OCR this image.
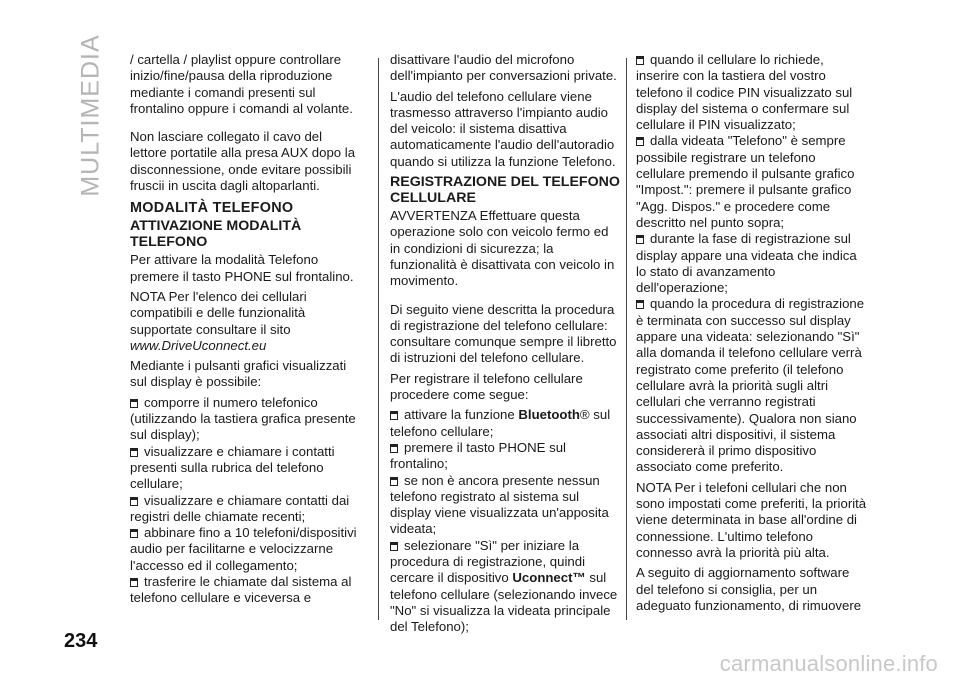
MULTIMEDIA
234

/ cartella / playlist oppure controllare inizio/fine/pausa della riproduzione mediante i comandi presenti sul frontalino oppure i comandi al volante.

Non lasciare collegato il cavo del lettore portatile alla presa AUX dopo la disconnessione, onde evitare possibili fruscii in uscita dagli altoparlanti.

MODALITÀ TELEFONO
ATTIVAZIONE MODALITÀ TELEFONO

Per attivare la modalità Telefono premere il tasto PHONE sul frontalino.

NOTA Per l'elenco dei cellulari compatibili e delle funzionalità supportate consultare il sito

www.DriveUconnect.eu

Mediante i pulsanti grafici visualizzati sul display è possibile:

comporre il numero telefonico (utilizzando la tastiera grafica presente sul display);

visualizzare e chiamare i contatti presenti sulla rubrica del telefono cellulare;

visualizzare e chiamare contatti dai registri delle chiamate recenti;

abbinare fino a 10 telefoni/dispositivi audio per facilitarne e velocizzarne l'accesso ed il collegamento;

trasferire le chiamate dal sistema al telefono cellulare e viceversa e

disattivare l'audio del microfono dell'impianto per conversazioni private.

L'audio del telefono cellulare viene trasmesso attraverso l'impianto audio del veicolo: il sistema disattiva automaticamente l'audio dell'autoradio quando si utilizza la funzione Telefono.

REGISTRAZIONE DEL TELEFONO CELLULARE

AVVERTENZA Effettuare questa operazione solo con veicolo fermo ed in condizioni di sicurezza; la funzionalità è disattivata con veicolo in movimento.

Di seguito viene descritta la procedura di registrazione del telefono cellulare: consultare comunque sempre il libretto di istruzioni del telefono cellulare.

Per registrare il telefono cellulare procedere come segue:

attivare la funzione Bluetooth® sul telefono cellulare;

premere il tasto PHONE sul frontalino;

se non è ancora presente nessun telefono registrato al sistema sul display viene visualizzata un'apposita videata;

selezionare "Sì" per iniziare la procedura di registrazione, quindi cercare il dispositivo Uconnect™ sul telefono cellulare (selezionando invece "No" si visualizza la videata principale del Telefono);

quando il cellulare lo richiede, inserire con la tastiera del vostro telefono il codice PIN visualizzato sul display del sistema o confermare sul cellulare il PIN visualizzato;

dalla videata "Telefono" è sempre possibile registrare un telefono cellulare premendo il pulsante grafico "Impost.": premere il pulsante grafico "Agg. Dispos." e procedere come descritto nel punto sopra;

durante la fase di registrazione sul display appare una videata che indica lo stato di avanzamento dell'operazione;

quando la procedura di registrazione è terminata con successo sul display appare una videata: selezionando "Sì" alla domanda il telefono cellulare verrà registrato come preferito (il telefono cellulare avrà la priorità sugli altri cellulari che verranno registrati successivamente). Qualora non siano associati altri dispositivi, il sistema considererà il primo dispositivo associato come preferito.

NOTA Per i telefoni cellulari che non sono impostati come preferiti, la priorità viene determinata in base all'ordine di connessione. L'ultimo telefono connesso avrà la priorità più alta.

A seguito di aggiornamento software del telefono si consiglia, per un adeguato funzionamento, di rimuovere

carmanualsonline.info
